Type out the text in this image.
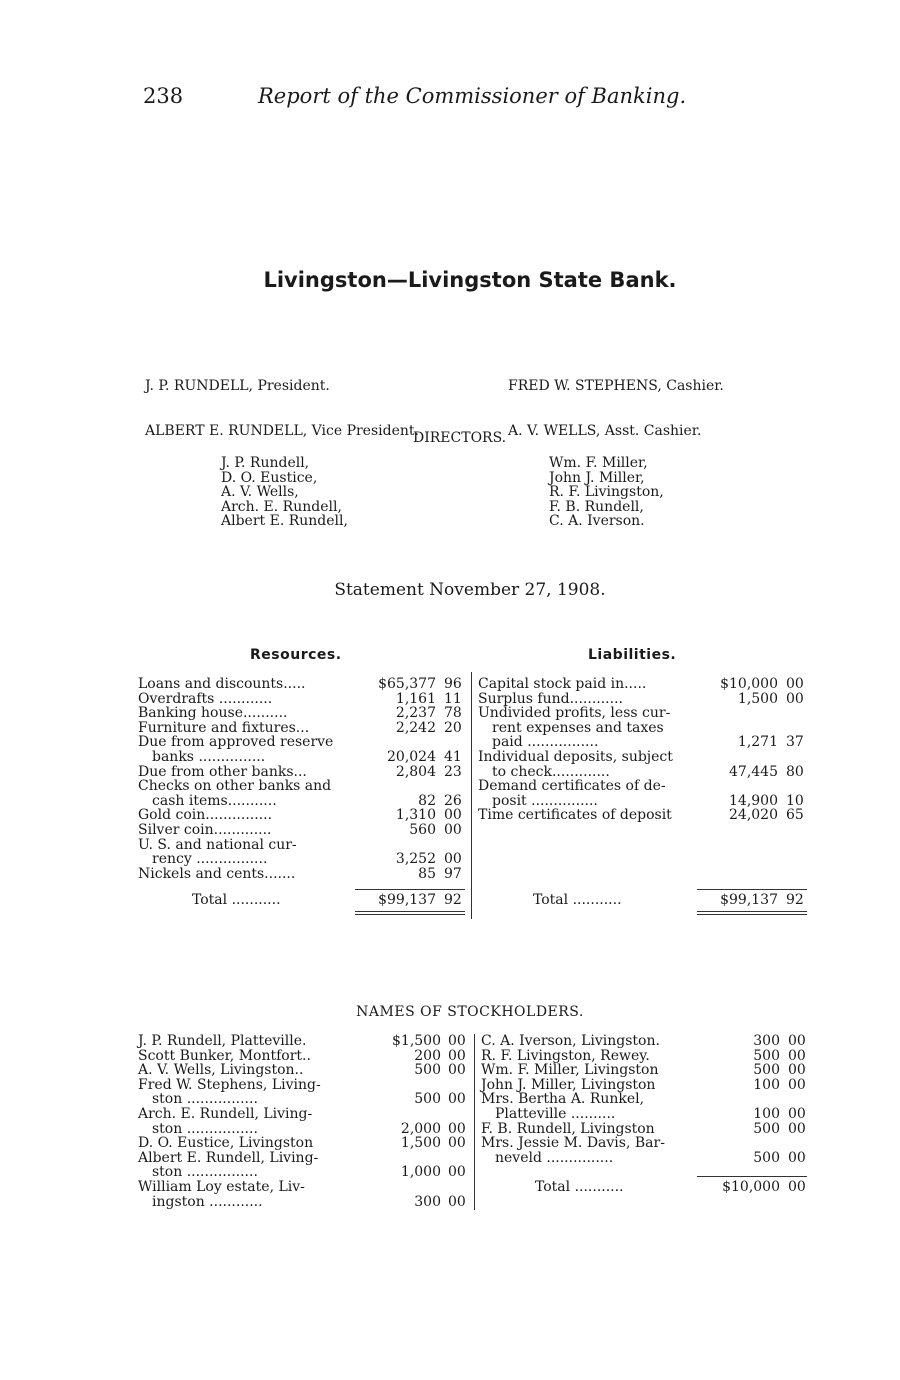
238	Report of the Commissioner of Banking.
Livingston—Livingston State Bank.

J. P. RUNDELL, President.

ALBERT E. RUNDELL, Vice President.

FRED W. STEPHENS, Cashier.

A. V. WELLS, Asst. Cashier.

DIRECTORS.
J. P. Rundell,
D. O. Eustice,
A. V. Wells,
Arch. E. Rundell,
Albert E. Rundell,
Wm. F. Miller,
John J. Miller,
R. F. Livingston,
F. B. Rundell,
C. A. Iverson.
Statement November 27, 1908.
Resources.	Liabilities.
Loans and discounts.....	$65,377 96
Overdrafts ............	1,161 11
Banking house..........	2,237 78
Furniture and fixtures...	2,242 20
Due from approved reserve
banks ...............	20,024 41
Due from other banks...	2,804 23
Checks on other banks and
cash items...........	82 26
Gold coin...............	1,310 00
Silver coin.............	560 00
U. S. and national cur-
rency ................	3,252 00
Nickels and cents.......	85 97
Total ...........	$99,137 92
Capital stock paid in.....	$10,000 00
Surplus fund............	1,500 00
Undivided profits, less cur-
rent expenses and taxes
paid ................	1,271 37
Individual deposits, subject
to check.............	47,445 80
Demand certificates of de-
posit ...............	14,900 10
Time certificates of deposit	24,020 65
Total ...........	$99,137 92
NAMES OF STOCKHOLDERS.
J. P. Rundell, Platteville.	$1,500 00
Scott Bunker, Montfort..	200 00
A. V. Wells, Livingston..	500 00
Fred W. Stephens, Living-
ston ................	500 00
Arch. E. Rundell, Living-
ston ................	2,000 00
D. O. Eustice, Livingston	1,500 00
Albert E. Rundell, Living-
ston ................	1,000 00
William Loy estate, Liv-
ingston ............	300 00
C. A. Iverson, Livingston.	300 00
R. F. Livingston, Rewey.	500 00
Wm. F. Miller, Livingston	500 00
John J. Miller, Livingston	100 00
Mrs. Bertha A. Runkel,
Platteville ..........	100 00
F. B. Rundell, Livingston	500 00
Mrs. Jessie M. Davis, Bar-
neveld ...............	500 00
Total ...........	$10,000 00
